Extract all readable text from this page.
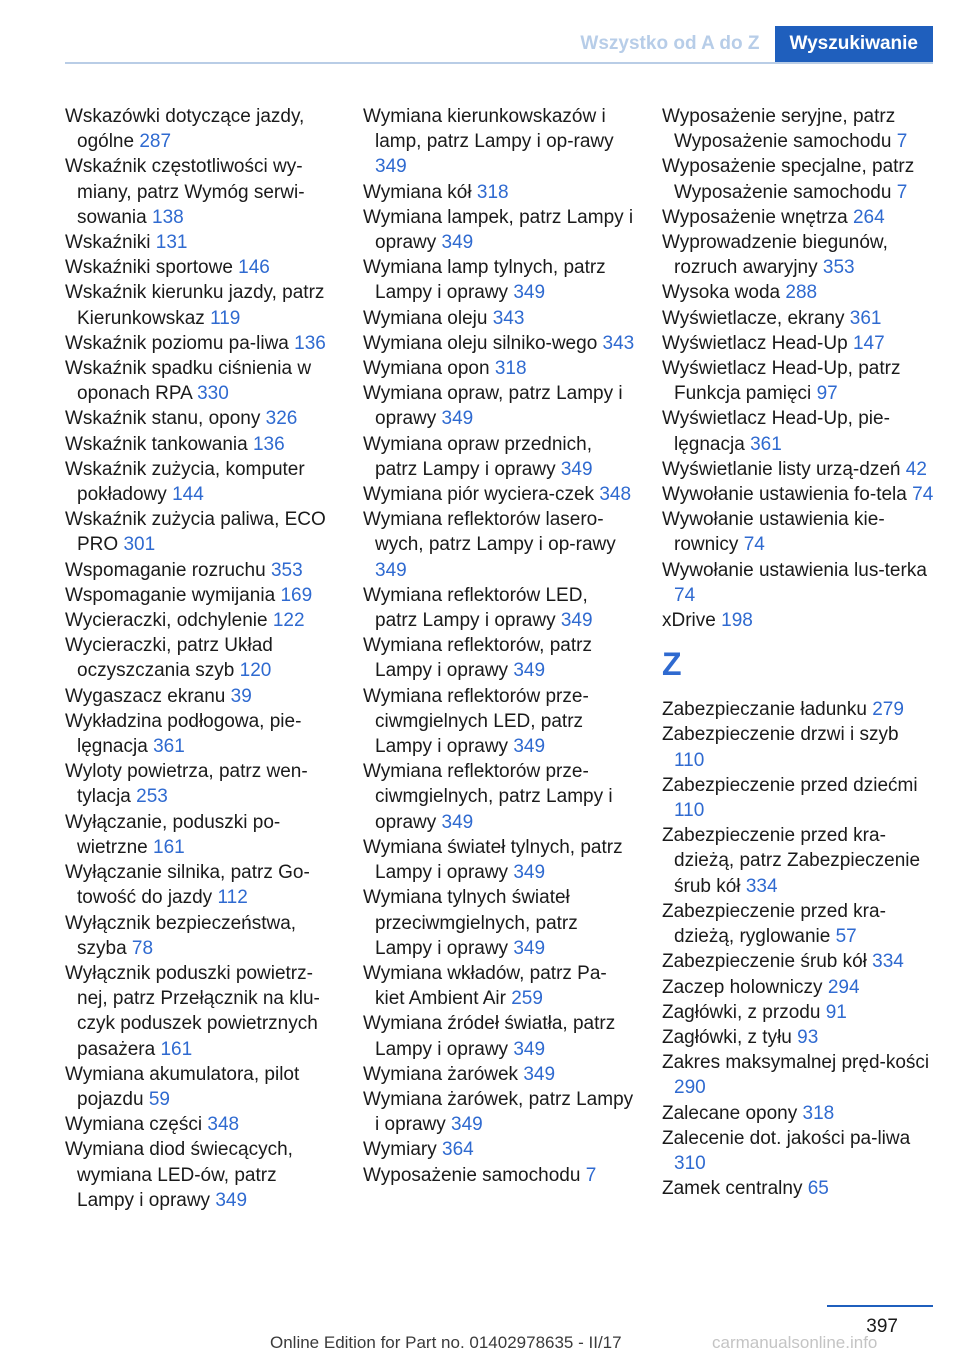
Wszystko od A do Z	Wyszukiwanie
Wskazówki dotyczące jazdy, ogólne 287
Wskaźnik częstotliwości wy-miany, patrz Wymóg serwi-sowania 138
Wskaźniki 131
Wskaźniki sportowe 146
Wskaźnik kierunku jazdy, patrz Kierunkowskaz 119
Wskaźnik poziomu pa-liwa 136
Wskaźnik spadku ciśnienia w oponach RPA 330
Wskaźnik stanu, opony 326
Wskaźnik tankowania 136
Wskaźnik zużycia, komputer pokładowy 144
Wskaźnik zużycia paliwa, ECO PRO 301
Wspomaganie rozruchu 353
Wspomaganie wymijania 169
Wycieraczki, odchylenie 122
Wycieraczki, patrz Układ oczyszczania szyb 120
Wygaszacz ekranu 39
Wykładzina podłogowa, pie-lęgnacja 361
Wyloty powietrza, patrz wen-tylacja 253
Wyłączanie, poduszki po-wietrzne 161
Wyłączanie silnika, patrz Go-towość do jazdy 112
Wyłącznik bezpieczeństwa, szyba 78
Wyłącznik poduszki powietrz-nej, patrz Przełącznik na klu-czyk poduszek powietrznych pasażera 161
Wymiana akumulatora, pilot pojazdu 59
Wymiana części 348
Wymiana diod świecących, wymiana LED-ów, patrz Lampy i oprawy 349
Wymiana kierunkowskazów i lamp, patrz Lampy i op-rawy 349
Wymiana kół 318
Wymiana lampek, patrz Lampy i oprawy 349
Wymiana lamp tylnych, patrz Lampy i oprawy 349
Wymiana oleju 343
Wymiana oleju silniko-wego 343
Wymiana opon 318
Wymiana opraw, patrz Lampy i oprawy 349
Wymiana opraw przednich, patrz Lampy i oprawy 349
Wymiana piór wyciera-czek 348
Wymiana reflektorów lasero-wych, patrz Lampy i op-rawy 349
Wymiana reflektorów LED, patrz Lampy i oprawy 349
Wymiana reflektorów, patrz Lampy i oprawy 349
Wymiana reflektorów prze-ciwmgielnych LED, patrz Lampy i oprawy 349
Wymiana reflektorów prze-ciwmgielnych, patrz Lampy i oprawy 349
Wymiana świateł tylnych, patrz Lampy i oprawy 349
Wymiana tylnych świateł przeciwmgielnych, patrz Lampy i oprawy 349
Wymiana wkładów, patrz Pa-kiet Ambient Air 259
Wymiana źródeł światła, patrz Lampy i oprawy 349
Wymiana żarówek 349
Wymiana żarówek, patrz Lampy i oprawy 349
Wymiary 364
Wyposażenie samochodu 7
Wyposażenie seryjne, patrz Wyposażenie samochodu 7
Wyposażenie specjalne, patrz Wyposażenie samochodu 7
Wyposażenie wnętrza 264
Wyprowadzenie biegunów, rozruch awaryjny 353
Wysoka woda 288
Wyświetlacze, ekrany 361
Wyświetlacz Head-Up 147
Wyświetlacz Head-Up, patrz Funkcja pamięci 97
Wyświetlacz Head-Up, pie-lęgnacja 361
Wyświetlanie listy urzą-dzeń 42
Wywołanie ustawienia fo-tela 74
Wywołanie ustawienia kie-rownicy 74
Wywołanie ustawienia lus-terka 74
xDrive 198
Z
Zabezpieczanie ładunku 279
Zabezpieczenie drzwi i szyb 110
Zabezpieczenie przed dziećmi 110
Zabezpieczenie przed kra-dzieżą, patrz Zabezpieczenie śrub kół 334
Zabezpieczenie przed kra-dzieżą, ryglowanie 57
Zabezpieczenie śrub kół 334
Zaczep holowniczy 294
Zagłówki, z przodu 91
Zagłówki, z tyłu 93
Zakres maksymalnej pręd-kości 290
Zalecane opony 318
Zalecenie dot. jakości pa-liwa 310
Zamek centralny 65
397
Online Edition for Part no. 01402978635 - II/17	carmanualsonline.info
